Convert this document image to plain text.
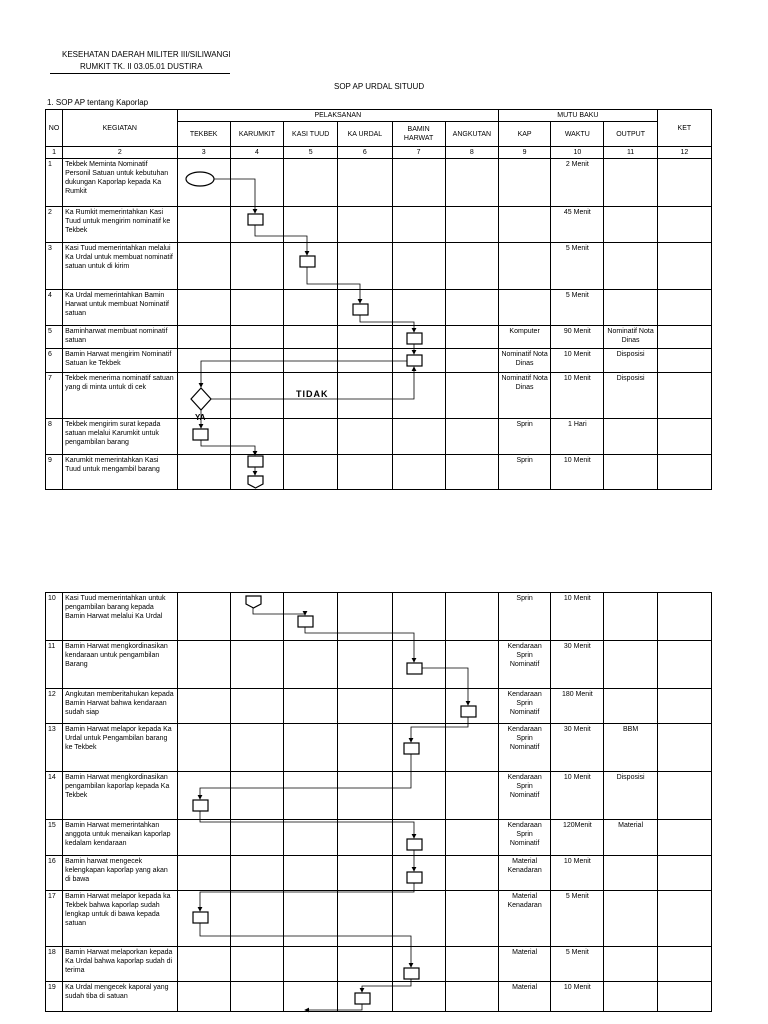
KESEHATAN DAERAH MILITER III/SILIWANGI
RUMKIT TK. II 03.05.01 DUSTIRA
SOP AP URDAL SITUUD
1. SOP AP tentang Kaporlap
NO	KEGIATAN	PELAKSANAN						MUTU BAKU			KET
		TEKBEK	KARUMKIT	KASI TUUD	KA URDAL	BAMIN
HARWAT	ANGKUTAN	KAP	WAKTU	OUTPUT	
1	2	3	4	5	6	7	8	9	10	11	12
1	Tekbek Meminta Nominatif Personil Satuan untuk kebutuhan dukungan Kaporlap kepada Ka Rumkit								2 Menit		
2	Ka Rumkit memerintahkan Kasi Tuud untuk mengirim nominatif ke Tekbek								45 Menit		
3	Kasi Tuud memerintahkan melalui Ka Urdal untuk membuat nominatif satuan untuk di kirim								5 Menit		
4	Ka Urdal memerintahkan Bamin Harwat untuk membuat Nominatif satuan								5 Menit		
5	Baminharwat membuat nominatif satuan							Komputer	90 Menit	Nominatif Nota Dinas	
6	Bamin Harwat mengirim Nominatif Satuan ke Tekbek							Nominatif Nota Dinas	10 Menit	Disposisi	
7	Tekbek menerima nominatif satuan yang di minta untuk di cek							Nominatif Nota Dinas	10 Menit	Disposisi	
8	Tekbek mengirim surat kepada satuan melalui Karumkit untuk pengambilan barang							Sprin	1 Hari		
9	Karumkit memerintahkan Kasi Tuud untuk mengambil barang							Sprin	10 Menit		
10	Kasi Tuud memerintahkan untuk pengambilan barang kepada Bamin Harwat melalui Ka Urdal							Sprin	10 Menit		
11	Bamin Harwat mengkordinasikan kendaraan untuk pengambilan Barang							Kendaraan Sprin Nominatif	30 Menit		
12	Angkutan memberitahukan kepada Bamin Harwat bahwa kendaraan sudah siap							Kendaraan Sprin Nominatif	180 Menit		
13	Bamin Harwat melapor kepada Ka Urdal untuk Pengambilan barang ke Tekbek							Kendaraan Sprin Nominatif	30 Menit	BBM	
14	Bamin Harwat mengkordinasikan pengambilan kaporlap kepada Ka Tekbek							Kendaraan Sprin Nominatif	10 Menit	Disposisi	
15	Bamin Harwat memerintahkan anggota untuk menaikan kaporlap kedalam kendaraan							Kendaraan Sprin Nominatif	120Menit	Material	
16	Bamin harwat mengecek kelengkapan kaporlap yang akan di bawa							Material Kenadaran	10 Menit		
17	Bamin Harwat melapor kepada ka Tekbek bahwa kaporlap sudah lengkap untuk di bawa kepada satuan							Material Kenadaran	5 Menit		
18	Bamin Harwat melaporkan kepada Ka Urdal bahwa kaporlap sudah di terima							Material	5 Menit		
19	Ka Urdal mengecek kaporal yang sudah tiba di satuan							Material	10 Menit		
TIDAK
YA
